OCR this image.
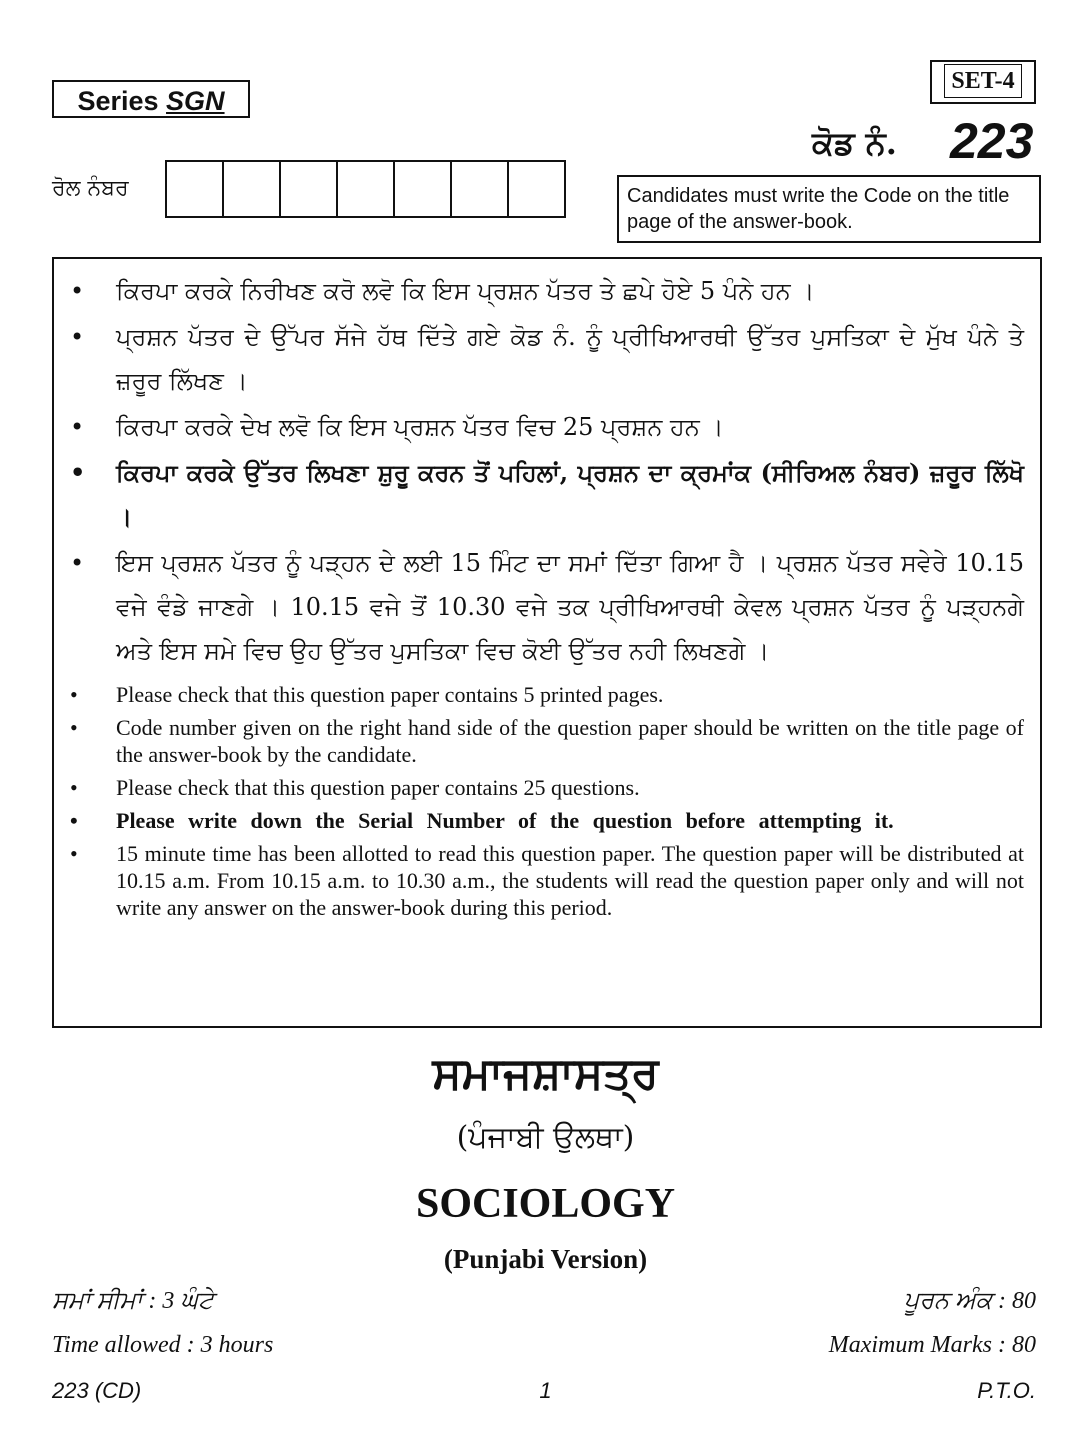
Series SGN
SET-4
ਕੋਡ ਨੰ. 223
ਰੋਲ ਨੰਬਰ	Candidates must write the Code on the title page of the answer-book.
• ਕਿਰਪਾ ਕਰਕੇ ਨਿਰੀਖਣ ਕਰੋ ਲਵੋ ਕਿ ਇਸ ਪ੍ਰਸ਼ਨ ਪੱਤਰ ਤੇ ਛਪੇ ਹੋਏ 5 ਪੰਨੇ ਹਨ ।
• ਪ੍ਰਸ਼ਨ ਪੱਤਰ ਦੇ ਉੱਪਰ ਸੱਜੇ ਹੱਥ ਦਿੱਤੇ ਗਏ ਕੋਡ ਨੰ. ਨੂੰ ਪ੍ਰੀਖਿਆਰਥੀ ਉੱਤਰ ਪੁਸਤਿਕਾ ਦੇ ਮੁੱਖ ਪੰਨੇ ਤੇ ਜ਼ਰੂਰ ਲਿੱਖਣ ।
• ਕਿਰਪਾ ਕਰਕੇ ਦੇਖ ਲਵੋ ਕਿ ਇਸ ਪ੍ਰਸ਼ਨ ਪੱਤਰ ਵਿਚ 25 ਪ੍ਰਸ਼ਨ ਹਨ ।
• ਕਿਰਪਾ ਕਰਕੇ ਉੱਤਰ ਲਿਖਣਾ ਸ਼ੁਰੂ ਕਰਨ ਤੋਂ ਪਹਿਲਾਂ, ਪ੍ਰਸ਼ਨ ਦਾ ਕ੍ਰਮਾਂਕ (ਸੀਰਿਅਲ ਨੰਬਰ) ਜ਼ਰੂਰ ਲਿੱਖੋ ।
• ਇਸ ਪ੍ਰਸ਼ਨ ਪੱਤਰ ਨੂੰ ਪੜ੍ਹਨ ਦੇ ਲਈ 15 ਮਿੰਟ ਦਾ ਸਮਾਂ ਦਿੱਤਾ ਗਿਆ ਹੈ । ਪ੍ਰਸ਼ਨ ਪੱਤਰ ਸਵੇਰੇ 10.15 ਵਜੇ ਵੰਡੇ ਜਾਣਗੇ । 10.15 ਵਜੇ ਤੋਂ 10.30 ਵਜੇ ਤਕ ਪ੍ਰੀਖਿਆਰਥੀ ਕੇਵਲ ਪ੍ਰਸ਼ਨ ਪੱਤਰ ਨੂੰ ਪੜ੍ਹਨਗੇ ਅਤੇ ਇਸ ਸਮੇ ਵਿਚ ਉਹ ਉੱਤਰ ਪੁਸਤਿਕਾ ਵਿਚ ਕੋਈ ਉੱਤਰ ਨਹੀ ਲਿਖਣਗੇ ।
• Please check that this question paper contains 5 printed pages.
• Code number given on the right hand side of the question paper should be written on the title page of the answer-book by the candidate.
• Please check that this question paper contains 25 questions.
• Please write down the Serial Number of the question before attempting it.
• 15 minute time has been allotted to read this question paper. The question paper will be distributed at 10.15 a.m. From 10.15 a.m. to 10.30 a.m., the students will read the question paper only and will not write any answer on the answer-book during this period.
ਸਮਾਜਸ਼ਾਸਤ੍ਰ
(ਪੰਜਾਬੀ ਉਲਥਾ)
SOCIOLOGY
(Punjabi Version)
ਸਮਾਂ ਸੀਮਾਂ : 3 ਘੰਟੇ	ਪੂਰਨ ਅੰਕ : 80
Time allowed : 3 hours	Maximum Marks : 80
223 (CD)	1	P.T.O.
